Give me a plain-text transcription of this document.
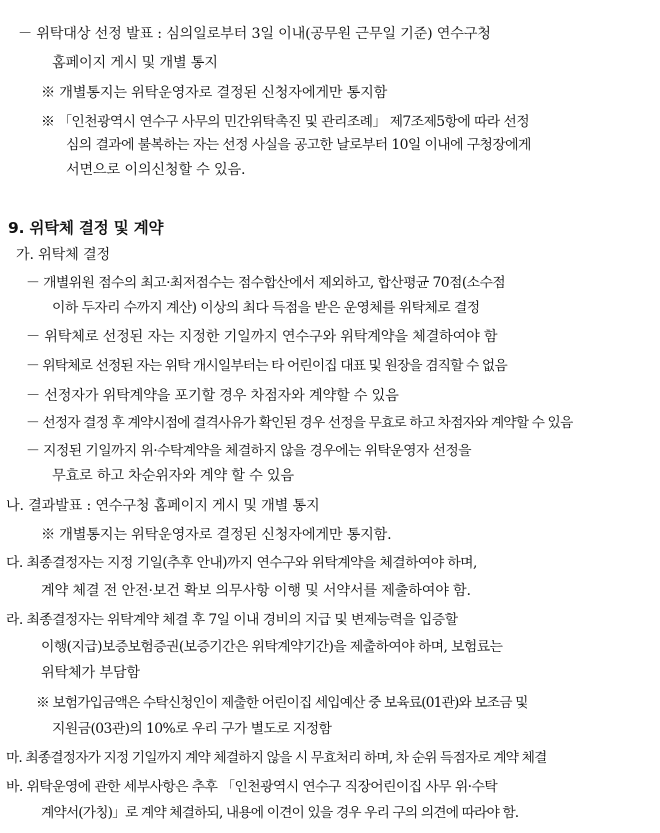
－ 위탁대상 선정 발표 : 심의일로부터 3일 이내(공무원 근무일 기준) 연수구청
홈페이지 게시 및 개별 통지
※ 개별통지는 위탁운영자로 결정된 신청자에게만 통지함
※ 「인천광역시 연수구 사무의 민간위탁촉진 및 관리조례」 제7조제5항에 따라 선정
심의 결과에 불복하는 자는 선정 사실을 공고한 날로부터 10일 이내에 구청장에게
서면으로 이의신청할 수 있음.
9. 위탁체 결정 및 계약
가. 위탁체 결정
－ 개별위원 점수의 최고·최저점수는 점수합산에서 제외하고, 합산평균 70점(소수점
이하 두자리 수까지 계산) 이상의 최다 득점을 받은 운영체를 위탁체로 결정
－ 위탁체로 선정된 자는 지정한 기일까지 연수구와 위탁계약을 체결하여야 함
－ 위탁체로 선정된 자는 위탁 개시일부터는 타 어린이집 대표 및 원장을 겸직할 수 없음
－ 선정자가 위탁계약을 포기할 경우 차점자와 계약할 수 있음
－ 선정자 결정 후 계약시점에 결격사유가 확인된 경우 선정을 무효로 하고 차점자와 계약할 수 있음
－ 지정된 기일까지 위·수탁계약을 체결하지 않을 경우에는 위탁운영자 선정을
무효로 하고 차순위자와 계약 할 수 있음
나. 결과발표 : 연수구청 홈페이지 게시 및 개별 통지
※ 개별통지는 위탁운영자로 결정된 신청자에게만 통지함.
다. 최종결정자는 지정 기일(추후 안내)까지 연수구와 위탁계약을 체결하여야 하며,
계약 체결 전 안전·보건 확보 의무사항 이행 및 서약서를 제출하여야 함.
라. 최종결정자는 위탁계약 체결 후 7일 이내 경비의 지급 및 변제능력을 입증할
이행(지급)보증보험증권(보증기간은 위탁계약기간)을 제출하여야 하며, 보험료는
위탁체가 부담함
※ 보험가입금액은 수탁신청인이 제출한 어린이집 세입예산 중 보육료(01관)와 보조금 및
지원금(03관)의 10%로 우리 구가 별도로 지정함
마. 최종결정자가 지정 기일까지 계약 체결하지 않을 시 무효처리 하며, 차 순위 득점자로 계약 체결
바. 위탁운영에 관한 세부사항은 추후 「인천광역시 연수구 직장어린이집 사무 위·수탁
계약서(가칭)」로 계약 체결하되, 내용에 이견이 있을 경우 우리 구의 의견에 따라야 함.
